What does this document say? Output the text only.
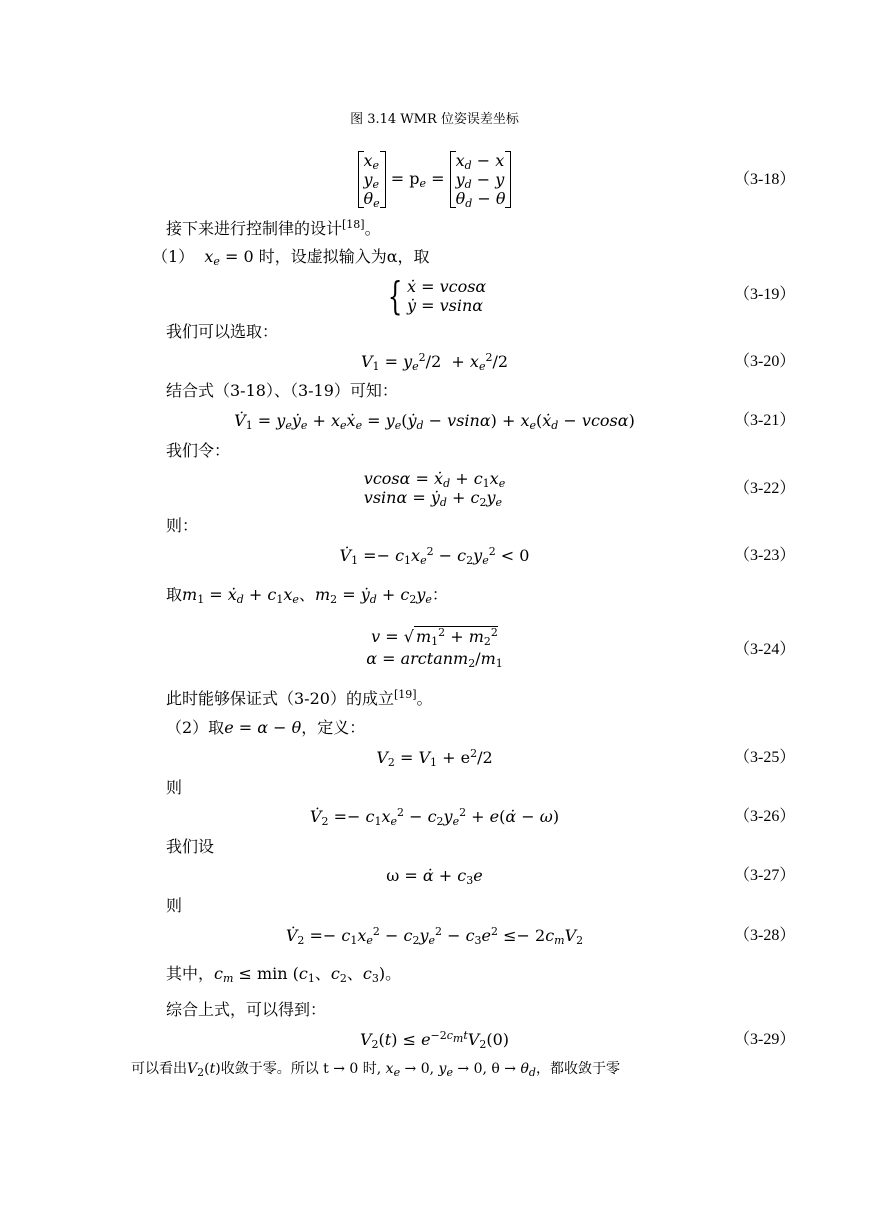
图 3.14 WMR 位姿误差坐标
$x_e$
$y_e$
$\theta_e$
= $p_e$ =
$x_d - x$
$y_d - y$
$\theta_d - \theta$
（3-18）
接下来进行控制律的设计[18]。
（1） $x_e = 0$ 时，设虚拟输入为α，取
{ ẋ = vcosα
ẏ = vsinα
（3-19）
我们可以选取：
$V_1 = y_e^2/2 + x_e^2/2$	（3-20）
结合式（3-18）、（3-19）可知：
$V̇_1$ = $y_eẏ_e$ + $x_eẋ_e$ = $y_e(ẏ_d - vsin\alpha)$ + $x_e(ẋ_d - vcos\alpha)$	（3-21）
我们令：
vcosα = ẋ$_d$ + $c_1x_e$
vsinα = ẏ$_d$ + $c_2y_e$
（3-22）
则：
$V̇_1 =- c_1x_e^2 - c_2y_e^2 < 0$	（3-23）
取$m_1$ = ẋ$_d$ + $c_1x_e$、$m_2$ = ẏ$_d$ + $c_2y_e$：
v = √ $m_1^2 + m_2^2$
$\alpha = \arctan m_2/m_1$
（3-24）
此时能够保证式（3-20）的成立[19]。
（2）取e = α − θ，定义：
$V_2 = V_1 + e^2/2$	（3-25）
则
$V̇_2 =- c_1x_e^2 - c_2y_e^2$ + e(α̇ − ω)	（3-26）
我们设
ω = α̇ + $c_3e$	（3-27）
则
$V̇_2 =- c_1x_e^2 - c_2y_e^2 - c_3e^2 \le- 2c_mV_2$	（3-28）
其中，$c_m \le \min (c_1$、$c_2$、$c_3$)。
综合上式，可以得到：
$V_2(t) \le e^{-2c_mt}V_2(0)$	（3-29）
可以看出$V_2(t)$收敛于零。所以 t → 0 时, $x_e \to 0$, $y_e \to 0$, $\theta \to \theta_d$，都收敛于零
